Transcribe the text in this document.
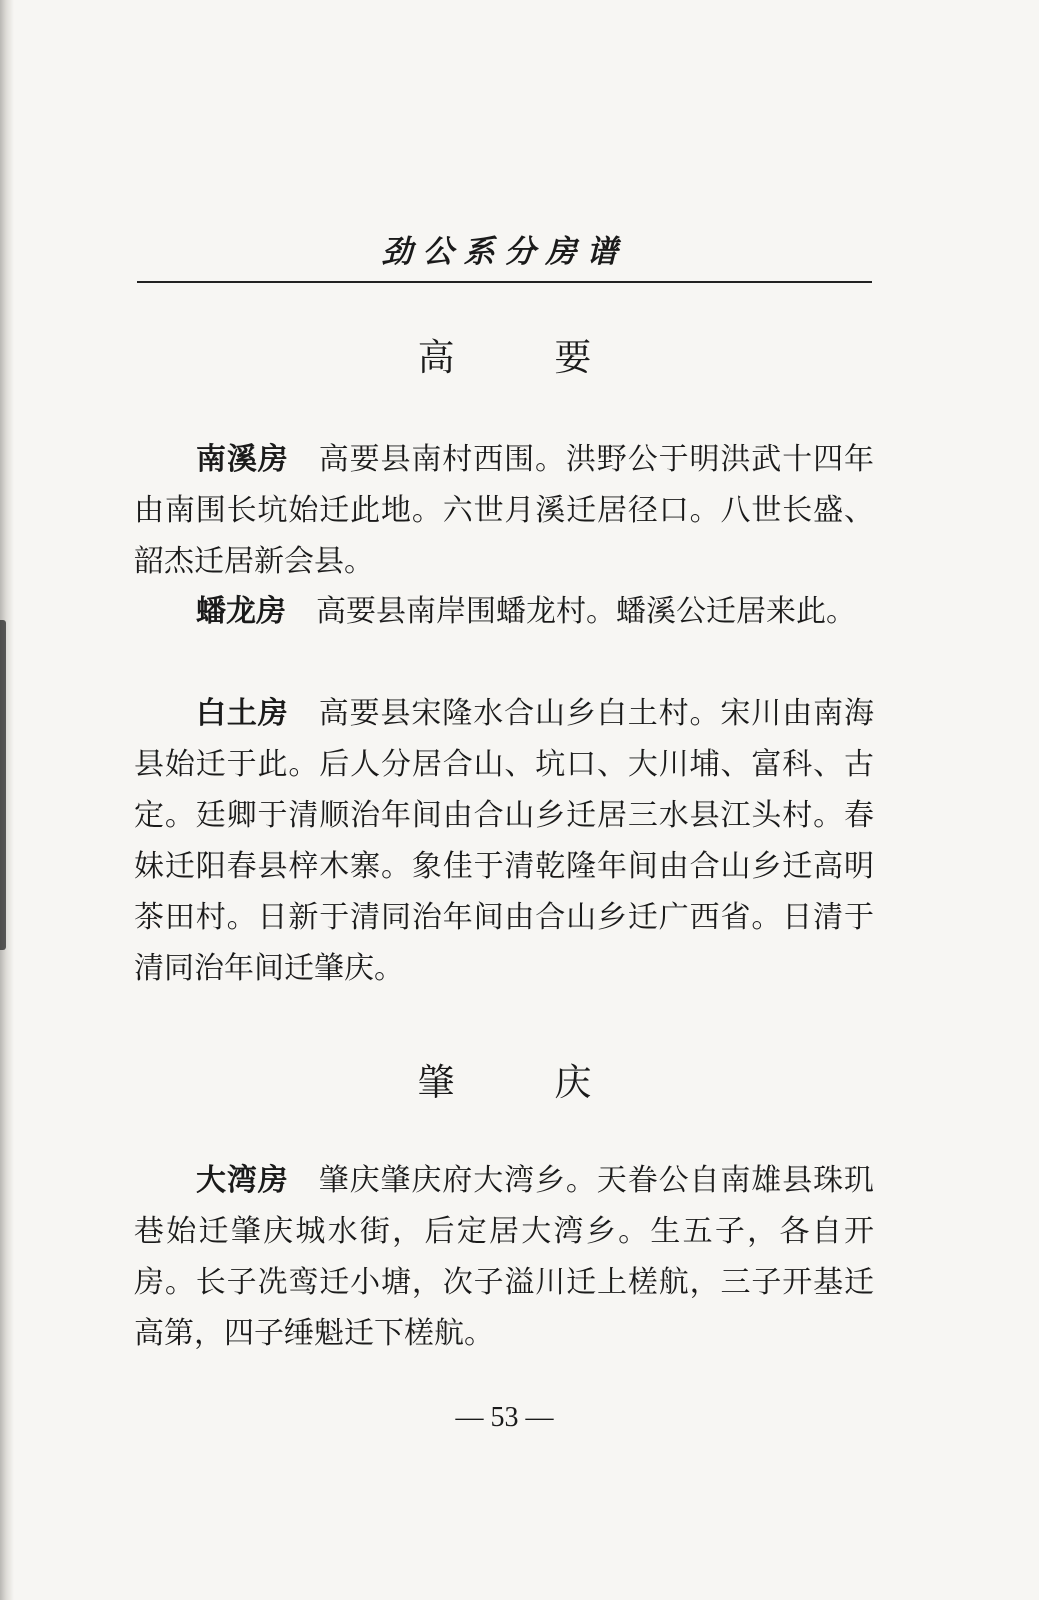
劲公系分房谱
高 要
南溪房 高要县南村西围。洪野公于明洪武十四年由南围长坑始迁此地。六世月溪迁居径口。八世长盛、韶杰迁居新会县。
蟠龙房 高要县南岸围蟠龙村。蟠溪公迁居来此。
白土房 高要县宋隆水合山乡白土村。宋川由南海县始迁于此。后人分居合山、坑口、大川埔、富科、古定。廷卿于清顺治年间由合山乡迁居三水县江头村。春妹迁阳春县梓木寨。象佳于清乾隆年间由合山乡迁高明茶田村。日新于清同治年间由合山乡迁广西省。日清于清同治年间迁肇庆。
肇 庆
大湾房 肇庆肇庆府大湾乡。天眷公自南雄县珠玑巷始迁肇庆城水街，后定居大湾乡。生五子，各自开房。长子冼鸾迁小塘，次子溢川迁上槎航，三子开基迁高第，四子缍魁迁下槎航。
— 53 —
